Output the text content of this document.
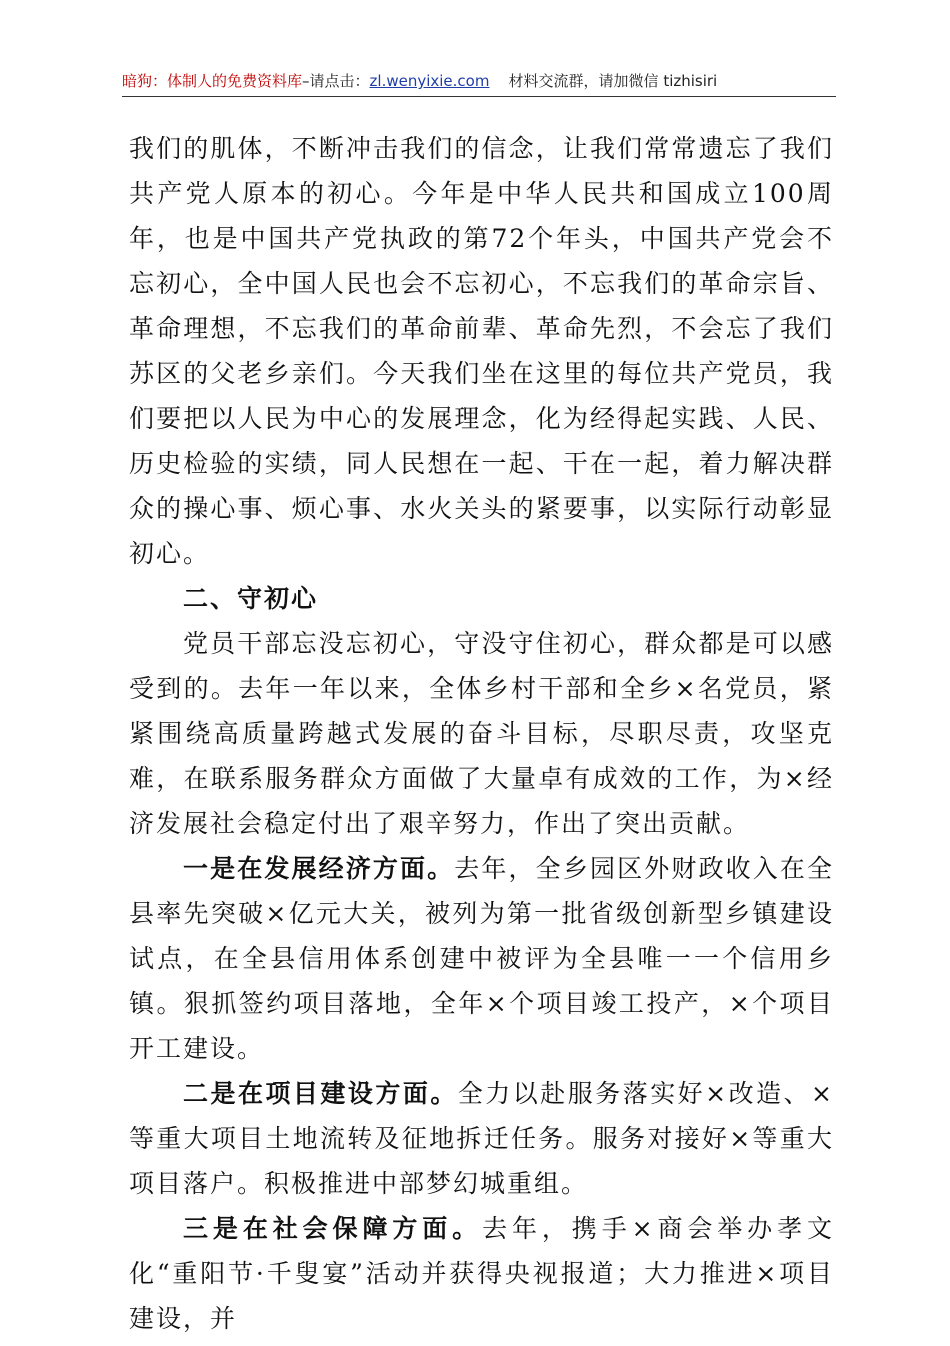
暗狗：体制人的免费资料库–请点击：zl.wenyixie.com 材料交流群，请加微信 tizhisiri

我们的肌体，不断冲击我们的信念，让我们常常遗忘了我们共产党人原本的初心。今年是中华人民共和国成立100周年，也是中国共产党执政的第72个年头，中国共产党会不忘初心，全中国人民也会不忘初心，不忘我们的革命宗旨、革命理想，不忘我们的革命前辈、革命先烈，不会忘了我们苏区的父老乡亲们。今天我们坐在这里的每位共产党员，我们要把以人民为中心的发展理念，化为经得起实践、人民、历史检验的实绩，同人民想在一起、干在一起，着力解决群众的操心事、烦心事、水火关头的紧要事，以实际行动彰显初心。

二、守初心

党员干部忘没忘初心，守没守住初心，群众都是可以感受到的。去年一年以来，全体乡村干部和全乡×名党员，紧紧围绕高质量跨越式发展的奋斗目标，尽职尽责，攻坚克难，在联系服务群众方面做了大量卓有成效的工作，为×经济发展社会稳定付出了艰辛努力，作出了突出贡献。

一是在发展经济方面。去年，全乡园区外财政收入在全县率先突破×亿元大关，被列为第一批省级创新型乡镇建设试点，在全县信用体系创建中被评为全县唯一一个信用乡镇。狠抓签约项目落地，全年×个项目竣工投产，×个项目开工建设。

二是在项目建设方面。全力以赴服务落实好×改造、×等重大项目土地流转及征地拆迁任务。服务对接好×等重大项目落户。积极推进中部梦幻城重组。

三是在社会保障方面。去年，携手×商会举办孝文化“重阳节·千叟宴”活动并获得央视报道；大力推进×项目建设，并
